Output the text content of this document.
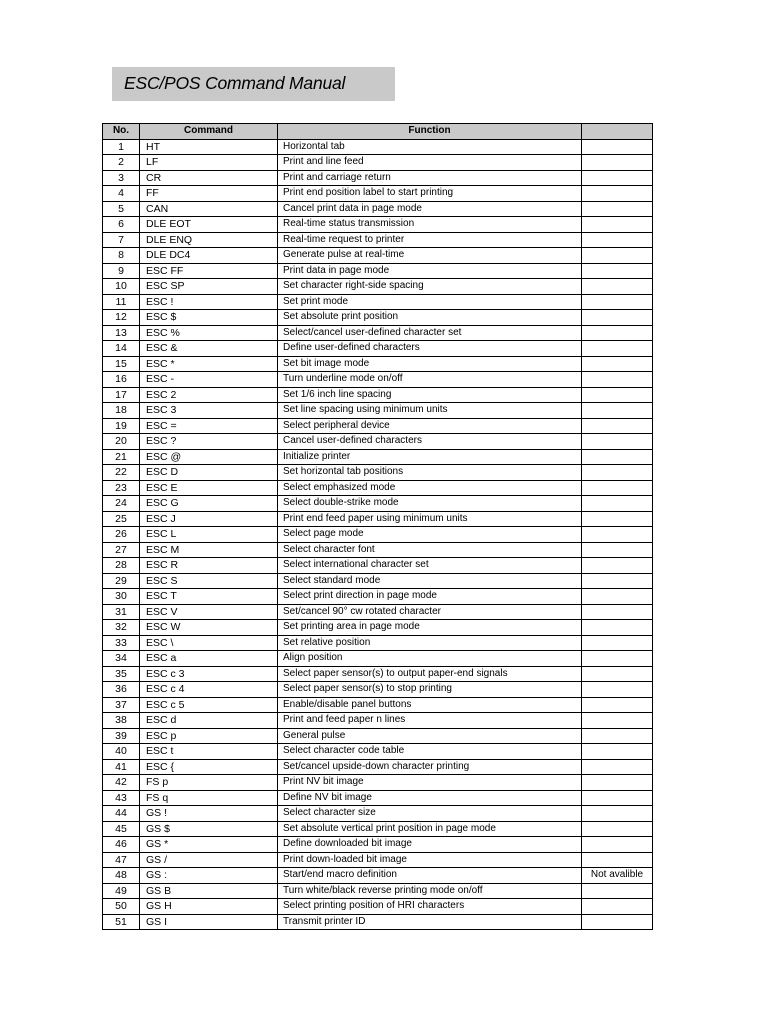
ESC/POS Command Manual
No.	Command	Function	
1	HT	Horizontal tab	
2	LF	Print and line feed	
3	CR	Print and carriage return	
4	FF	Print end position label to start printing	
5	CAN	Cancel print data in page mode	
6	DLE EOT	Real-time status transmission	
7	DLE ENQ	Real-time request to printer	
8	DLE DC4	Generate pulse at real-time	
9	ESC FF	Print data in page mode	
10	ESC SP	Set character right-side spacing	
11	ESC !	Set print mode	
12	ESC $	Set absolute print position	
13	ESC %	Select/cancel user-defined character set	
14	ESC &	Define user-defined characters	
15	ESC *	Set bit image mode	
16	ESC -	Turn underline mode on/off	
17	ESC 2	Set 1/6 inch line spacing	
18	ESC 3	Set line spacing using minimum units	
19	ESC =	Select peripheral device	
20	ESC ?	Cancel user-defined characters	
21	ESC @	Initialize printer	
22	ESC D	Set horizontal tab positions	
23	ESC E	Select emphasized mode	
24	ESC G	Select double-strike mode	
25	ESC J	Print end feed paper using minimum units	
26	ESC L	Select page mode	
27	ESC M	Select character font	
28	ESC R	Select international character set	
29	ESC S	Select standard mode	
30	ESC T	Select print direction in page mode	
31	ESC V	Set/cancel 90° cw rotated character	
32	ESC W	Set printing area in page mode	
33	ESC \	Set relative position	
34	ESC a	Align position	
35	ESC c 3	Select paper sensor(s) to output paper-end signals	
36	ESC c 4	Select paper sensor(s) to stop printing	
37	ESC c 5	Enable/disable panel buttons	
38	ESC d	Print and feed paper n lines	
39	ESC p	General pulse	
40	ESC t	Select character code table	
41	ESC {	Set/cancel upside-down character printing	
42	FS p	Print NV bit image	
43	FS q	Define NV bit image	
44	GS !	Select character size	
45	GS $	Set absolute vertical print position in page mode	
46	GS *	Define downloaded bit image	
47	GS /	Print down-loaded bit image	
48	GS :	Start/end macro definition	Not avalible
49	GS B	Turn white/black reverse printing mode on/off	
50	GS H	Select printing position of HRI characters	
51	GS I	Transmit printer ID	
